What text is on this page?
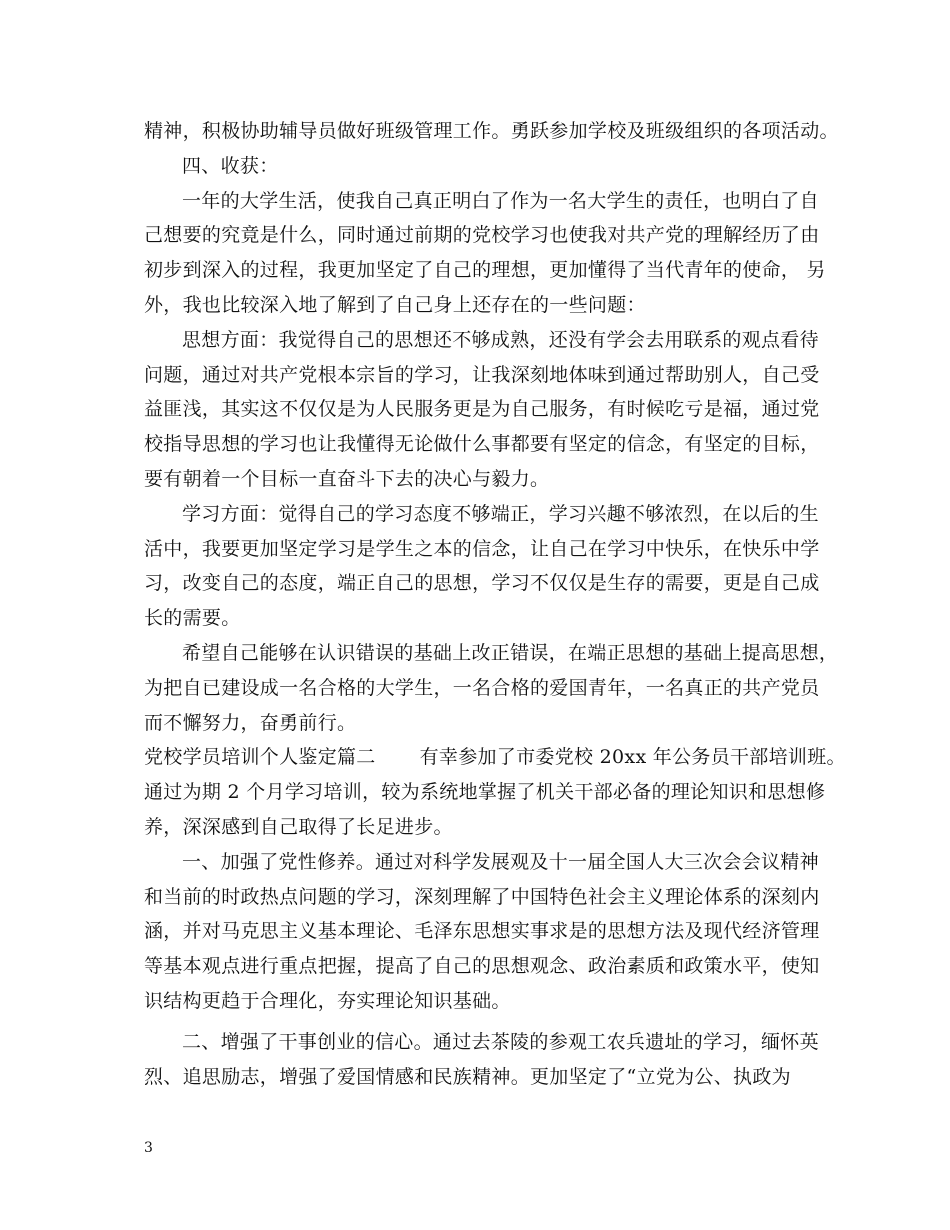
精神，积极协助辅导员做好班级管理工作。勇跃参加学校及班级组织的各项活动。
四、收获：
一年的大学生活，使我自己真正明白了作为一名大学生的责任，也明白了自
己想要的究竟是什么，同时通过前期的党校学习也使我对共产党的理解经历了由
初步到深入的过程，我更加坚定了自己的理想，更加懂得了当代青年的使命， 另
外，我也比较深入地了解到了自己身上还存在的一些问题：
思想方面：我觉得自己的思想还不够成熟，还没有学会去用联系的观点看待
问题，通过对共产党根本宗旨的学习，让我深刻地体味到通过帮助别人，自己受
益匪浅，其实这不仅仅是为人民服务更是为自己服务，有时候吃亏是福，通过党
校指导思想的学习也让我懂得无论做什么事都要有坚定的信念，有坚定的目标，
要有朝着一个目标一直奋斗下去的决心与毅力。
学习方面：觉得自己的学习态度不够端正，学习兴趣不够浓烈，在以后的生
活中，我要更加坚定学习是学生之本的信念，让自己在学习中快乐，在快乐中学
习，改变自己的态度，端正自己的思想，学习不仅仅是生存的需要，更是自己成
长的需要。
希望自己能够在认识错误的基础上改正错误，在端正思想的基础上提高思想，
为把自已建设成一名合格的大学生，一名合格的爱国青年，一名真正的共产党员
而不懈努力，奋勇前行。
党校学员培训个人鉴定篇二 有幸参加了市委党校 20xx 年公务员干部培训班。
通过为期 2 个月学习培训，较为系统地掌握了机关干部必备的理论知识和思想修
养，深深感到自己取得了长足进步。
一、加强了党性修养。通过对科学发展观及十一届全国人大三次会会议精神
和当前的时政热点问题的学习，深刻理解了中国特色社会主义理论体系的深刻内
涵，并对马克思主义基本理论、毛泽东思想实事求是的思想方法及现代经济管理
等基本观点进行重点把握，提高了自己的思想观念、政治素质和政策水平，使知
识结构更趋于合理化，夯实理论知识基础。
二、增强了干事创业的信心。通过去茶陵的参观工农兵遗址的学习，缅怀英
烈、追思励志，增强了爱国情感和民族精神。更加坚定了“立党为公、执政为
3
